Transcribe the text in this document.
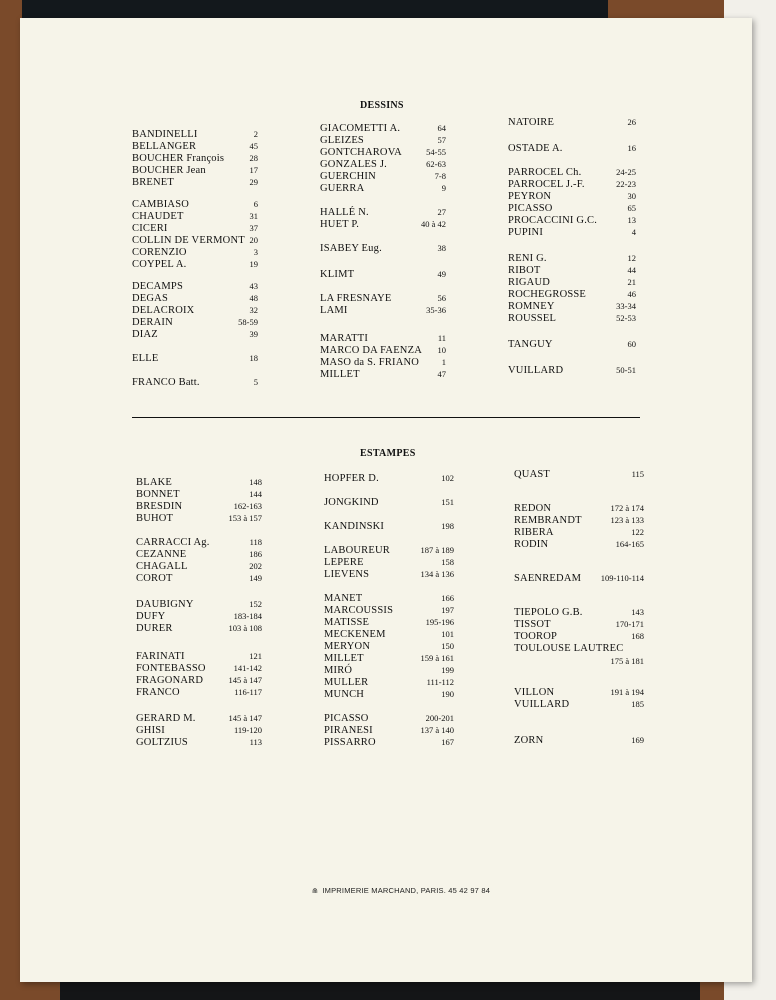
DESSINS
BANDINELLI	2
BELLANGER	45
BOUCHER François	28
BOUCHER Jean	17
BRENET	29
CAMBIASO	6
CHAUDET	31
CICERI	37
COLLIN DE VERMONT 20
CORENZIO	3
COYPEL A.	19
DECAMPS	43
DEGAS	48
DELACROIX	32
DERAIN	58-59
DIAZ	39
ELLE	18
FRANCO Batt.	5
GIACOMETTI A.	64
GLEIZES	57
GONTCHAROVA	54-55
GONZALES J.	62-63
GUERCHIN	7-8
GUERRA	9
HALLÉ N.	27
HUET P.	40 à 42
ISABEY Eug.	38
KLIMT	49
LA FRESNAYE	56
LAMI	35-36
MARATTI	11
MARCO DA FAENZA 10
MASO da S. FRIANO	1
MILLET	47
NATOIRE	26
OSTADE A.	16
PARROCEL Ch.	24-25
PARROCEL J.-F.	22-23
PEYRON	30
PICASSO	65
PROCACCINI G.C.	13
PUPINI	4
RENI G.	12
RIBOT	44
RIGAUD	21
ROCHEGROSSE	46
ROMNEY	33-34
ROUSSEL	52-53
TANGUY	60
VUILLARD	50-51
ESTAMPES
BLAKE	148
BONNET	144
BRESDIN	162-163
BUHOT	153 à 157
CARRACCI Ag.	118
CEZANNE	186
CHAGALL	202
COROT	149
DAUBIGNY	152
DUFY	183-184
DURER	103 à 108
FARINATI	121
FONTEBASSO	141-142
FRAGONARD	145 à 147
FRANCO	116-117
GERARD M.	145 à 147
GHISI	119-120
GOLTZIUS	113
HOPFER D.	102
JONGKIND	151
KANDINSKI	198
LABOUREUR	187 à 189
LEPERE	158
LIEVENS	134 à 136
MANET	166
MARCOUSSIS	197
MATISSE	195-196
MECKENEM	101
MERYON	150
MILLET	159 à 161
MIRÓ	199
MULLER	111-112
MUNCH	190
PICASSO	200-201
PIRANESI	137 à 140
PISSARRO	167
QUAST	115
REDON	172 à 174
REMBRANDT	123 à 133
RIBERA	122
RODIN	164-165
SAENREDAM 109-110-114
TIEPOLO G.B.	143
TISSOT	170-171
TOOROP	168
TOULOUSE LAUTREC
175 à 181
VILLON	191 à 194
VUILLARD	185
ZORN	169
⋒ IMPRIMERIE MARCHAND, PARIS. 45 42 97 84
